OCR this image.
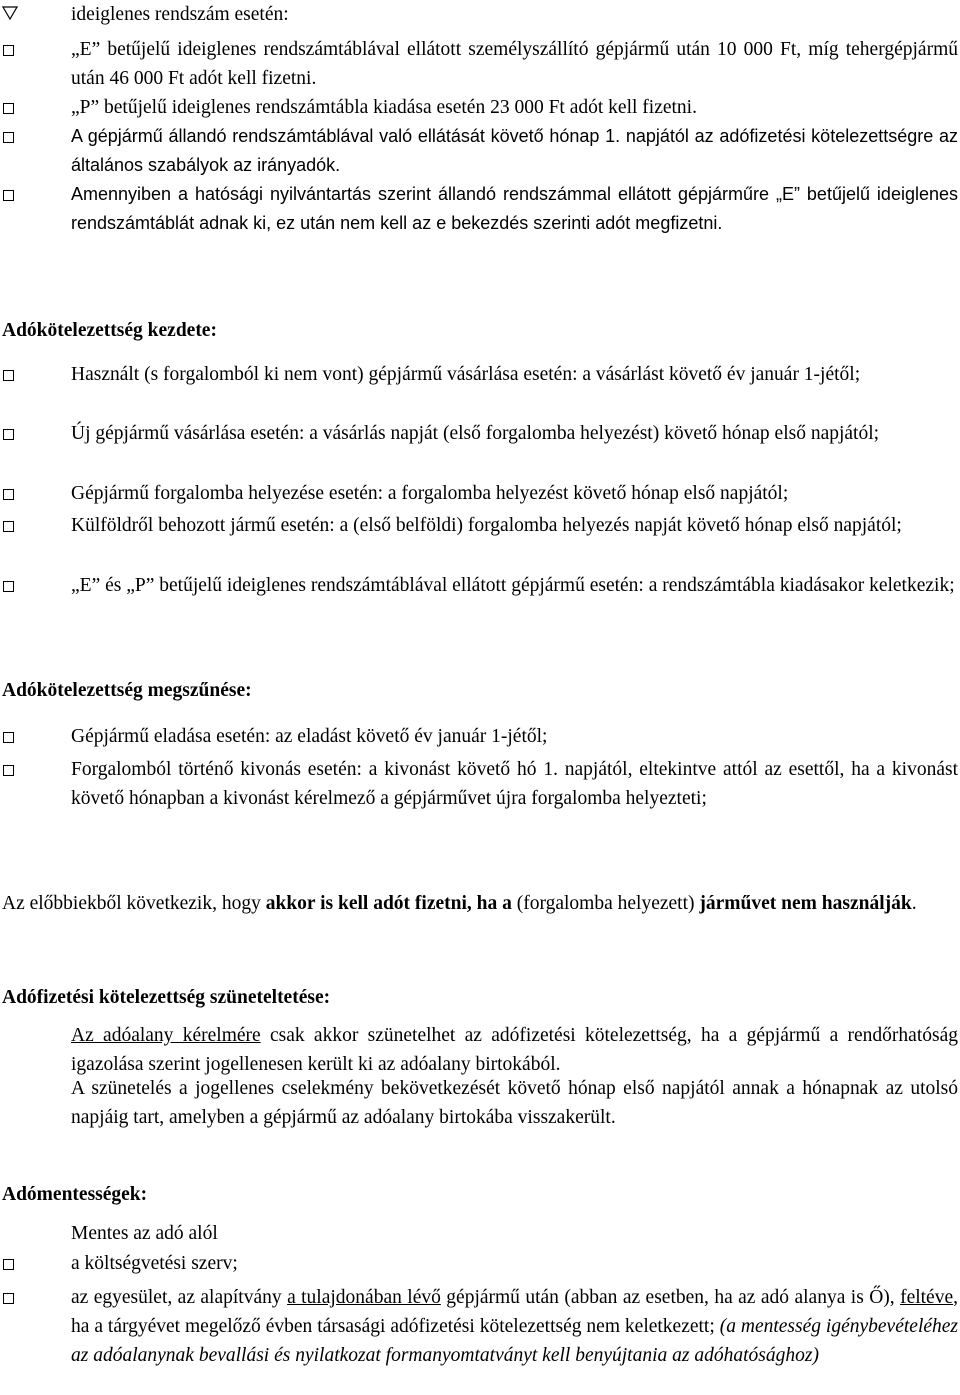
ideiglenes rendszám esetén:
„E” betűjelű ideiglenes rendszámtáblával ellátott személyszállító gépjármű után 10 000 Ft, míg tehergépjármű után 46 000 Ft adót kell fizetni.
„P” betűjelű ideiglenes rendszámtábla kiadása esetén 23 000 Ft adót kell fizetni.
A gépjármű állandó rendszámtáblával való ellátását követő hónap 1. napjától az adófizetési kötelezettségre az általános szabályok az irányadók.
Amennyiben a hatósági nyilvántartás szerint állandó rendszámmal ellátott gépjárműre „E” betűjelű ideiglenes rendszámtáblát adnak ki, ez után nem kell az e bekezdés szerinti adót megfizetni.
Adókötelezettség kezdete:
Használt (s forgalomból ki nem vont) gépjármű vásárlása esetén: a vásárlást követő év január 1-jétől;
Új gépjármű vásárlása esetén: a vásárlás napját (első forgalomba helyezést) követő hónap első napjától;
Gépjármű forgalomba helyezése esetén: a forgalomba helyezést követő hónap első napjától;
Külföldről behozott jármű esetén: a (első belföldi) forgalomba helyezés napját követő hónap első napjától;
„E” és „P” betűjelű ideiglenes rendszámtáblával ellátott gépjármű esetén: a rendszámtábla kiadásakor keletkezik;
Adókötelezettség megszűnése:
Gépjármű eladása esetén: az eladást követő év január 1-jétől;
Forgalomból történő kivonás esetén: a kivonást követő hó 1. napjától, eltekintve attól az esettől, ha a kivonást követő hónapban a kivonást kérelmező a gépjárművet újra forgalomba helyezteti;
Az előbbiekből következik, hogy akkor is kell adót fizetni, ha a (forgalomba helyezett) járművet nem használják.
Adófizetési kötelezettség szüneteltetése:
Az adóalany kérelmére csak akkor szünetelhet az adófizetési kötelezettség, ha a gépjármű a rendőrhatóság igazolása szerint jogellenesen került ki az adóalany birtokából.
A szünetelés a jogellenes cselekmény bekövetkezését követő hónap első napjától annak a hónapnak az utolsó napjáig tart, amelyben a gépjármű az adóalany birtokába visszakerült.
Adómentességek:
Mentes az adó alól
a költségvetési szerv;
az egyesület, az alapítvány a tulajdonában lévő gépjármű után (abban az esetben, ha az adó alanya is Ő), feltéve, ha a tárgyévet megelőző évben társasági adófizetési kötelezettség nem keletkezett; (a mentesség igénybevételéhez az adóalanynak bevallási és nyilatkozat formanyomtatványt kell benyújtania az adóhatósághoz)
